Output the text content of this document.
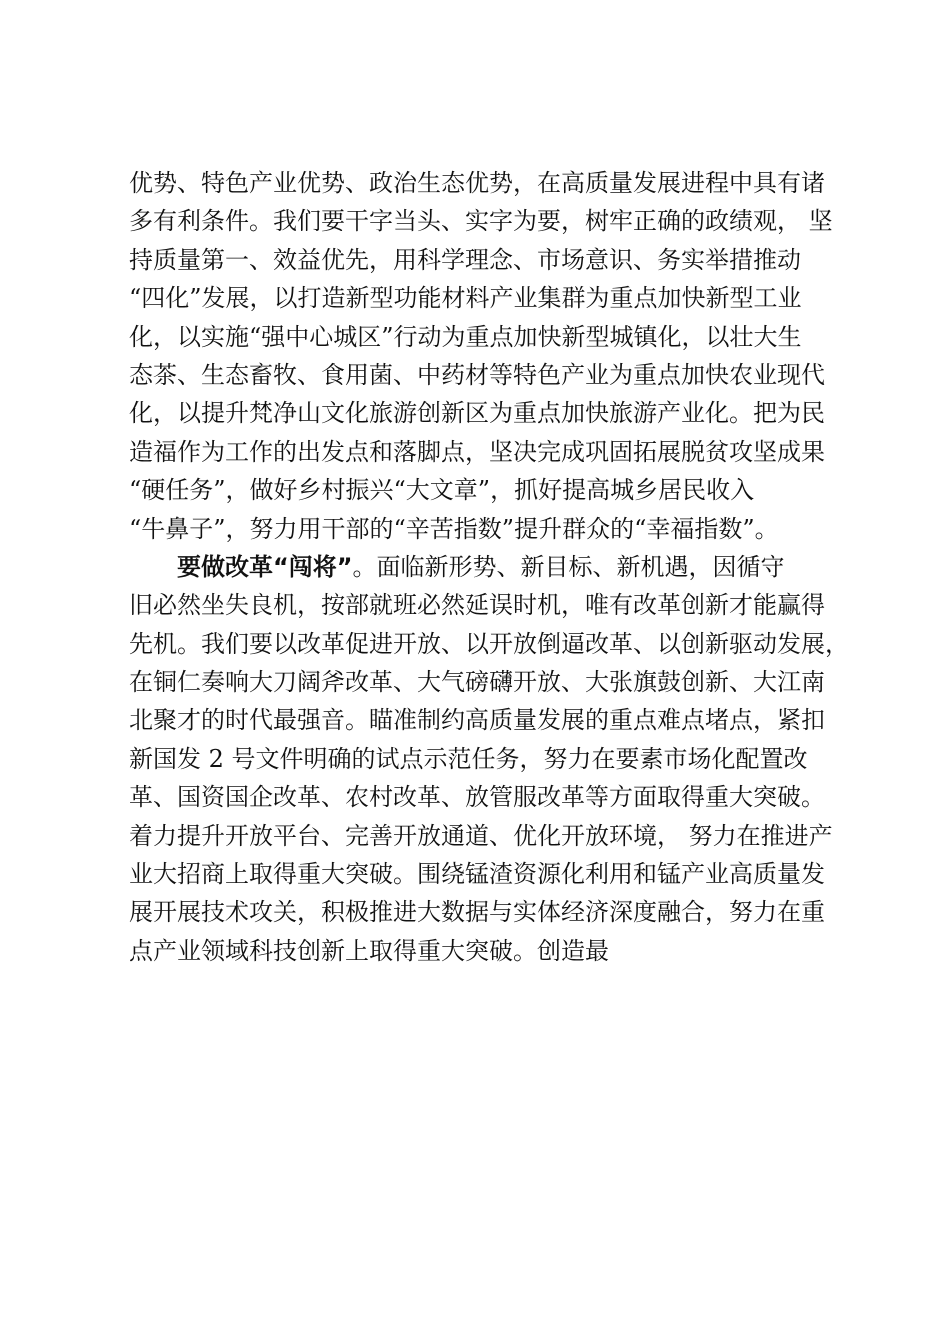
优势、特色产业优势、政治生态优势，在高质量发展进程中具有诸
多有利条件。我们要干字当头、实字为要，树牢正确的政绩观， 坚
持质量第一、效益优先，用科学理念、市场意识、务实举措推动
“四化”发展，以打造新型功能材料产业集群为重点加快新型工业
化，以实施“强中心城区”行动为重点加快新型城镇化，以壮大生
态茶、生态畜牧、食用菌、中药材等特色产业为重点加快农业现代
化，以提升梵净山文化旅游创新区为重点加快旅游产业化。把为民
造福作为工作的出发点和落脚点，坚决完成巩固拓展脱贫攻坚成果
“硬任务”，做好乡村振兴“大文章”，抓好提高城乡居民收入
“牛鼻子”，努力用干部的“辛苦指数”提升群众的“幸福指数”。
要做改革“闯将”。面临新形势、新目标、新机遇，因循守
旧必然坐失良机，按部就班必然延误时机，唯有改革创新才能赢得
先机。我们要以改革促进开放、以开放倒逼改革、以创新驱动发展，
在铜仁奏响大刀阔斧改革、大气磅礴开放、大张旗鼓创新、大江南
北聚才的时代最强音。瞄准制约高质量发展的重点难点堵点，紧扣
新国发 2 号文件明确的试点示范任务，努力在要素市场化配置改
革、国资国企改革、农村改革、放管服改革等方面取得重大突破。
着力提升开放平台、完善开放通道、优化开放环境， 努力在推进产
业大招商上取得重大突破。围绕锰渣资源化利用和锰产业高质量发
展开展技术攻关，积极推进大数据与实体经济深度融合，努力在重
点产业领域科技创新上取得重大突破。创造最
